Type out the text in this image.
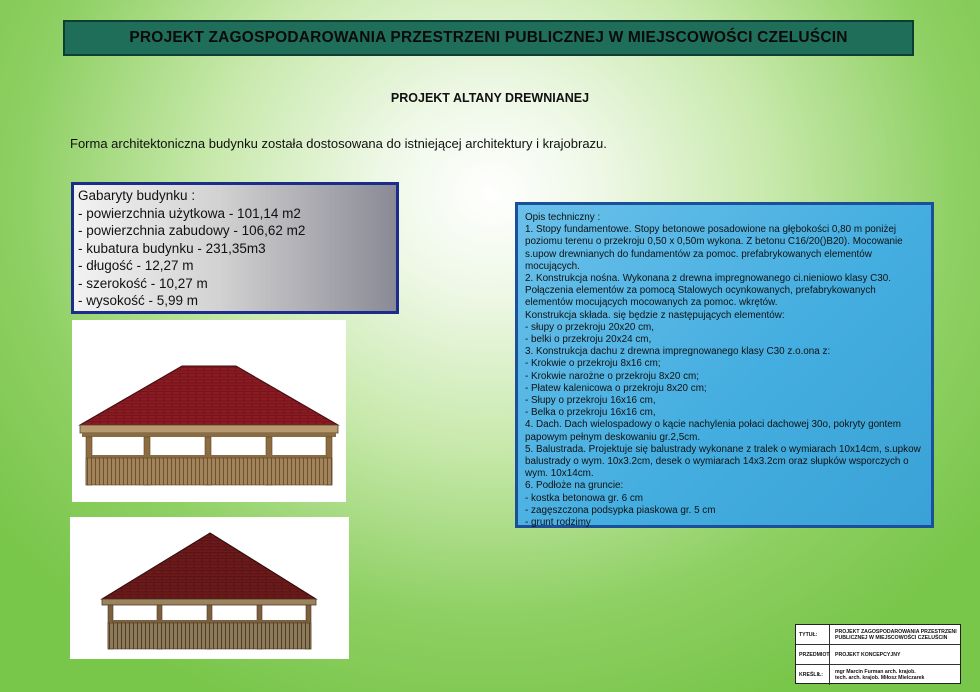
PROJEKT ZAGOSPODAROWANIA PRZESTRZENI PUBLICZNEJ W MIEJSCOWOŚCI CZELUŚCIN
PROJEKT ALTANY DREWNIANEJ
Forma architektoniczna budynku została dostosowana do istniejącej architektury i krajobrazu.
Gabaryty budynku :
- powierzchnia użytkowa - 101,14 m2
- powierzchnia zabudowy - 106,62 m2
- kubatura budynku - 231,35m3
- długość - 12,27 m
- szerokość - 10,27 m
- wysokość - 5,99 m
Opis techniczny :
1. Stopy fundamentowe. Stopy betonowe posadowione na głębokości 0,80 m poniżej poziomu terenu o przekroju 0,50 x 0,50m wykona. Z betonu C16/20()B20). Mocowanie s.upow drewnianych do fundamentów za pomoc. prefabrykowanych elementów mocujących.
2. Konstrukcja nośna. Wykonana z drewna impregnowanego ci.nieniowo klasy C30. Połączenia elementów za pomocą Stalowych ocynkowanych, prefabrykowanych elementów mocujących mocowanych za pomoc. wkrętów.
Konstrukcja składa. się będzie z następujących elementów:
- słupy o przekroju 20x20 cm,
- belki o przekroju 20x24 cm,
3. Konstrukcja dachu z drewna impregnowanego klasy C30 z.o.ona z:
- Krokwie o przekroju 8x16 cm;
- Krokwie narożne o przekroju 8x20 cm;
- Płatew kalenicowa o przekroju 8x20 cm;
- Słupy o przekroju 16x16 cm,
- Belka o przekroju 16x16 cm,
4. Dach. Dach wielospadowy o kącie nachylenia połaci dachowej 30o, pokryty gontem papowym pełnym deskowaniu gr.2,5cm.
5. Balustrada. Projektuje się balustrady wykonane z tralek o wymiarach 10x14cm, s.upkow balustrady o wym. 10x3.2cm, desek o wymiarach 14x3.2cm oraz słupków wsporczych o wym. 10x14cm.
6. Podłoże na gruncie:
- kostka betonowa gr. 6 cm
- zagęszczona podsypka piaskowa gr. 5 cm
- grunt rodzimy
TYTUŁ:	PROJEKT ZAGOSPODAROWANIA PRZESTRZENI
PUBLICZNEJ W MIEJSCOWOŚCI CZELUŚCIN
PRZEDMIOT	PROJEKT KONCEPCYJNY
KREŚLIŁ:	mgr Marcin Furman arch. krajob.
tech. arch. krajob. Miłosz Mielczarek
